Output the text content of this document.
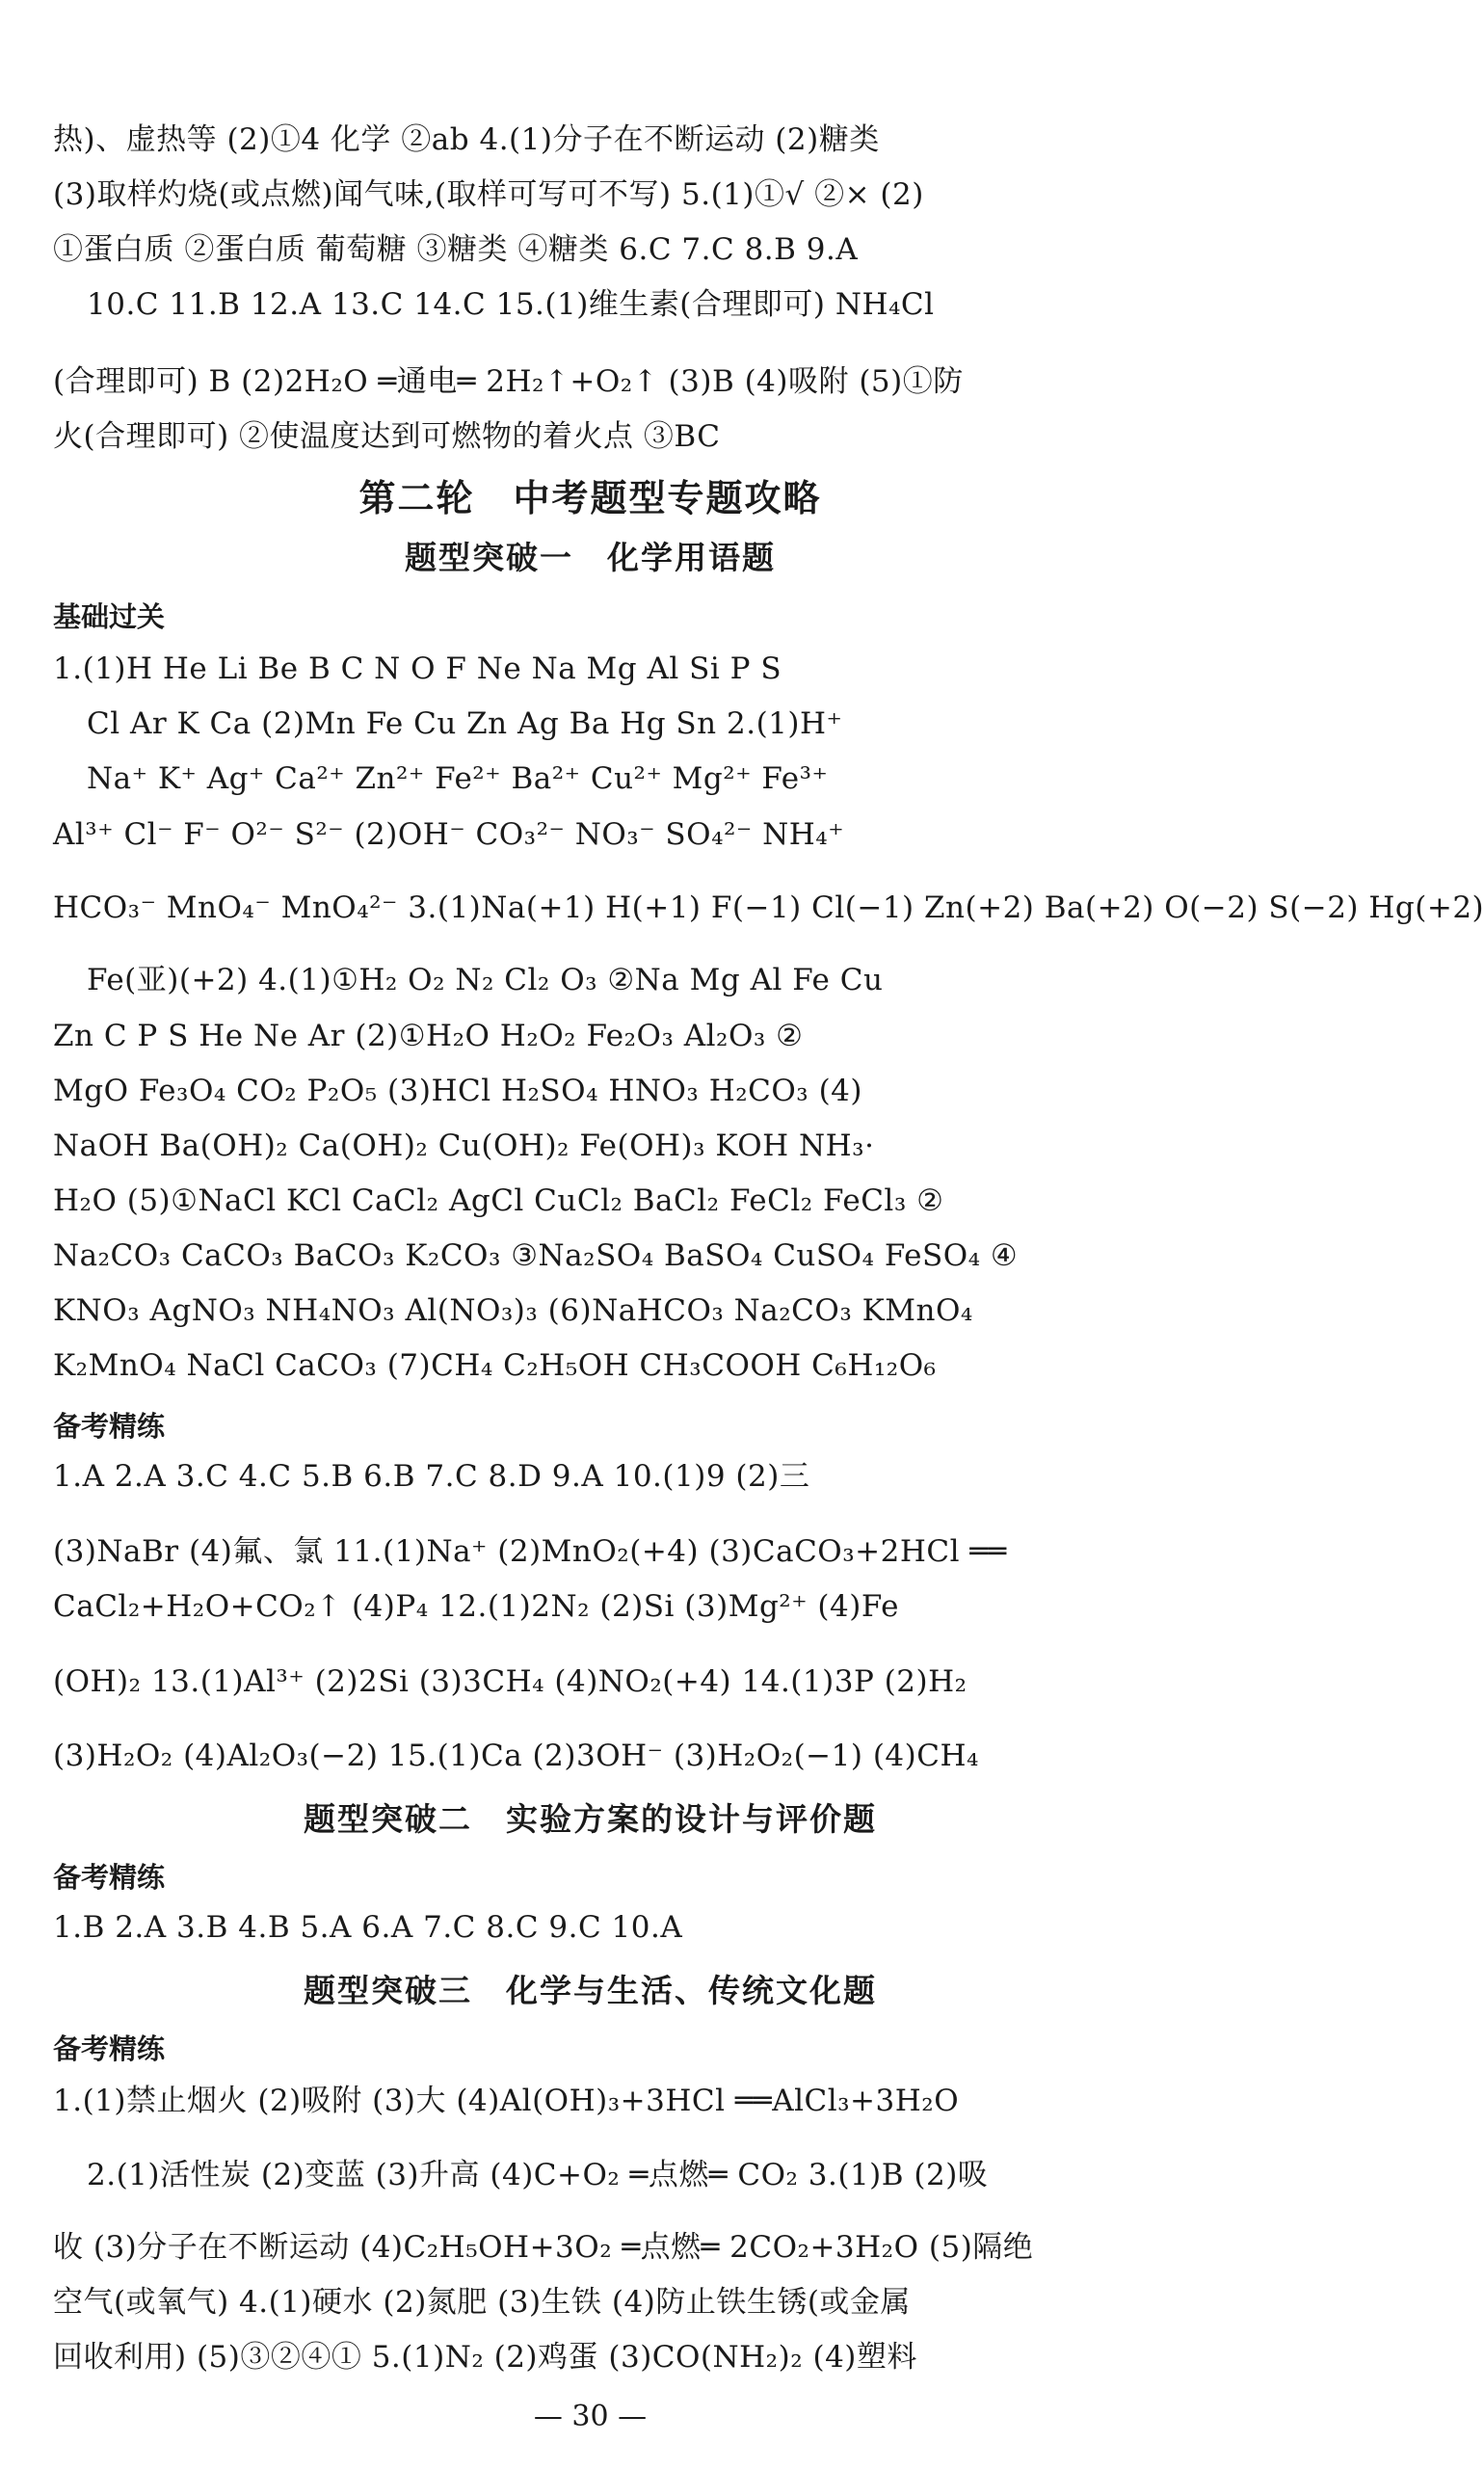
热)、虚热等 (2)①4 化学 ②ab 4.(1)分子在不断运动 (2)糖类
(3)取样灼烧(或点燃)闻气味,(取样可写可不写) 5.(1)①√ ②× (2)
①蛋白质 ②蛋白质 葡萄糖 ③糖类 ④糖类 6.C 7.C 8.B 9.A
10.C 11.B 12.A 13.C 14.C 15.(1)维生素(合理即可) NH₄Cl
(合理即可) B (2)2H₂O ═通电═ 2H₂↑+O₂↑ (3)B (4)吸附 (5)①防
火(合理即可) ②使温度达到可燃物的着火点 ③BC
第二轮　中考题型专题攻略
题型突破一　化学用语题
基础过关
1.(1)H He Li Be B C N O F Ne Na Mg Al Si P S
Cl Ar K Ca (2)Mn Fe Cu Zn Ag Ba Hg Sn 2.(1)H⁺
Na⁺ K⁺ Ag⁺ Ca²⁺ Zn²⁺ Fe²⁺ Ba²⁺ Cu²⁺ Mg²⁺ Fe³⁺
Al³⁺ Cl⁻ F⁻ O²⁻ S²⁻ (2)OH⁻ CO₃²⁻ NO₃⁻ SO₄²⁻ NH₄⁺
HCO₃⁻ MnO₄⁻ MnO₄²⁻ 3.(1)Na(+1) H(+1) F(−1) Cl(−1) Zn(+2) Ba(+2) O(−2) S(−2) Hg(+2)
Fe(亚)(+2) 4.(1)①H₂ O₂ N₂ Cl₂ O₃ ②Na Mg Al Fe Cu
Zn C P S He Ne Ar (2)①H₂O H₂O₂ Fe₂O₃ Al₂O₃ ②
MgO Fe₃O₄ CO₂ P₂O₅ (3)HCl H₂SO₄ HNO₃ H₂CO₃ (4)
NaOH Ba(OH)₂ Ca(OH)₂ Cu(OH)₂ Fe(OH)₃ KOH NH₃·
H₂O (5)①NaCl KCl CaCl₂ AgCl CuCl₂ BaCl₂ FeCl₂ FeCl₃ ②
Na₂CO₃ CaCO₃ BaCO₃ K₂CO₃ ③Na₂SO₄ BaSO₄ CuSO₄ FeSO₄ ④
KNO₃ AgNO₃ NH₄NO₃ Al(NO₃)₃ (6)NaHCO₃ Na₂CO₃ KMnO₄
K₂MnO₄ NaCl CaCO₃ (7)CH₄ C₂H₅OH CH₃COOH C₆H₁₂O₆
备考精练
1.A 2.A 3.C 4.C 5.B 6.B 7.C 8.D 9.A 10.(1)9 (2)三
(3)NaBr (4)氟、氯 11.(1)Na⁺ (2)MnO₂(+4) (3)CaCO₃+2HCl ══
CaCl₂+H₂O+CO₂↑ (4)P₄ 12.(1)2N₂ (2)Si (3)Mg²⁺ (4)Fe
(OH)₂ 13.(1)Al³⁺ (2)2Si (3)3CH₄ (4)NO₂(+4) 14.(1)3P (2)H₂
(3)H₂O₂ (4)Al₂O₃(−2) 15.(1)Ca (2)3OH⁻ (3)H₂O₂(−1) (4)CH₄
题型突破二　实验方案的设计与评价题
备考精练
1.B 2.A 3.B 4.B 5.A 6.A 7.C 8.C 9.C 10.A
题型突破三　化学与生活、传统文化题
备考精练
1.(1)禁止烟火 (2)吸附 (3)大 (4)Al(OH)₃+3HCl ══AlCl₃+3H₂O
2.(1)活性炭 (2)变蓝 (3)升高 (4)C+O₂ ═点燃═ CO₂ 3.(1)B (2)吸
收 (3)分子在不断运动 (4)C₂H₅OH+3O₂ ═点燃═ 2CO₂+3H₂O (5)隔绝
空气(或氧气) 4.(1)硬水 (2)氮肥 (3)生铁 (4)防止铁生锈(或金属
回收利用) (5)③②④① 5.(1)N₂ (2)鸡蛋 (3)CO(NH₂)₂ (4)塑料
— 30 —
